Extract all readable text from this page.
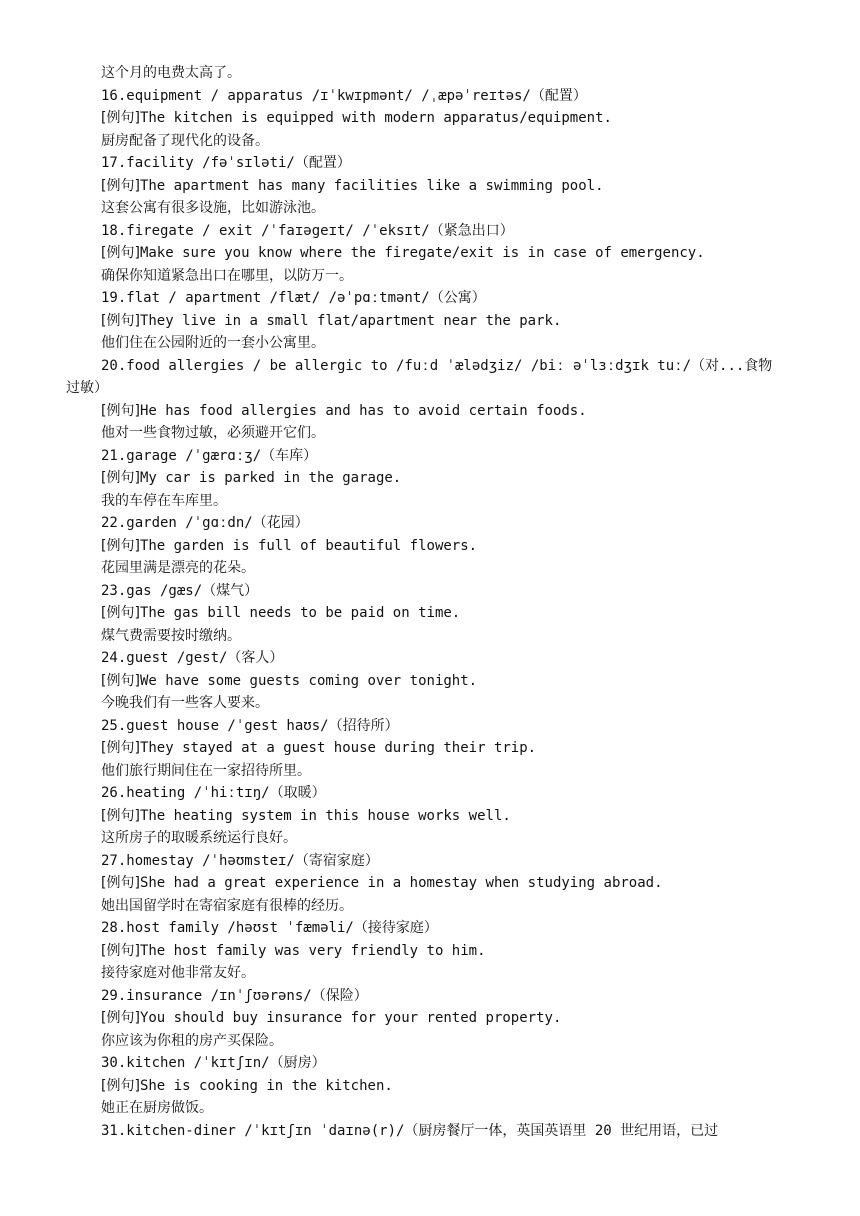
这个月的电费太高了。
16.equipment / apparatus /ɪˈkwɪpmənt/ /ˌæpəˈreɪtəs/（配置）
[例句]The kitchen is equipped with modern apparatus/equipment.
厨房配备了现代化的设备。
17.facility /fəˈsɪləti/（配置）
[例句]The apartment has many facilities like a swimming pool.
这套公寓有很多设施，比如游泳池。
18.firegate / exit /ˈfaɪəgeɪt/ /ˈeksɪt/（紧急出口）
[例句]Make sure you know where the firegate/exit is in case of emergency.
确保你知道紧急出口在哪里，以防万一。
19.flat / apartment /flæt/ /əˈpɑːtmənt/（公寓）
[例句]They live in a small flat/apartment near the park.
他们住在公园附近的一套小公寓里。
20.food allergies / be allergic to /fuːd ˈælədʒiz/ /biː əˈlɜːdʒɪk tuː/（对...食物
过敏）
[例句]He has food allergies and has to avoid certain foods.
他对一些食物过敏，必须避开它们。
21.garage /ˈgærɑːʒ/（车库）
[例句]My car is parked in the garage.
我的车停在车库里。
22.garden /ˈgɑːdn/（花园）
[例句]The garden is full of beautiful flowers.
花园里满是漂亮的花朵。
23.gas /gæs/（煤气）
[例句]The gas bill needs to be paid on time.
煤气费需要按时缴纳。
24.guest /gest/（客人）
[例句]We have some guests coming over tonight.
今晚我们有一些客人要来。
25.guest house /ˈgest haʊs/（招待所）
[例句]They stayed at a guest house during their trip.
他们旅行期间住在一家招待所里。
26.heating /ˈhiːtɪŋ/（取暖）
[例句]The heating system in this house works well.
这所房子的取暖系统运行良好。
27.homestay /ˈhəʊmsteɪ/（寄宿家庭）
[例句]She had a great experience in a homestay when studying abroad.
她出国留学时在寄宿家庭有很棒的经历。
28.host family /həʊst ˈfæməli/（接待家庭）
[例句]The host family was very friendly to him.
接待家庭对他非常友好。
29.insurance /ɪnˈʃʊərəns/（保险）
[例句]You should buy insurance for your rented property.
你应该为你租的房产买保险。
30.kitchen /ˈkɪtʃɪn/（厨房）
[例句]She is cooking in the kitchen.
她正在厨房做饭。
31.kitchen-diner /ˈkɪtʃɪn ˈdaɪnə(r)/（厨房餐厅一体，英国英语里 20 世纪用语，已过
